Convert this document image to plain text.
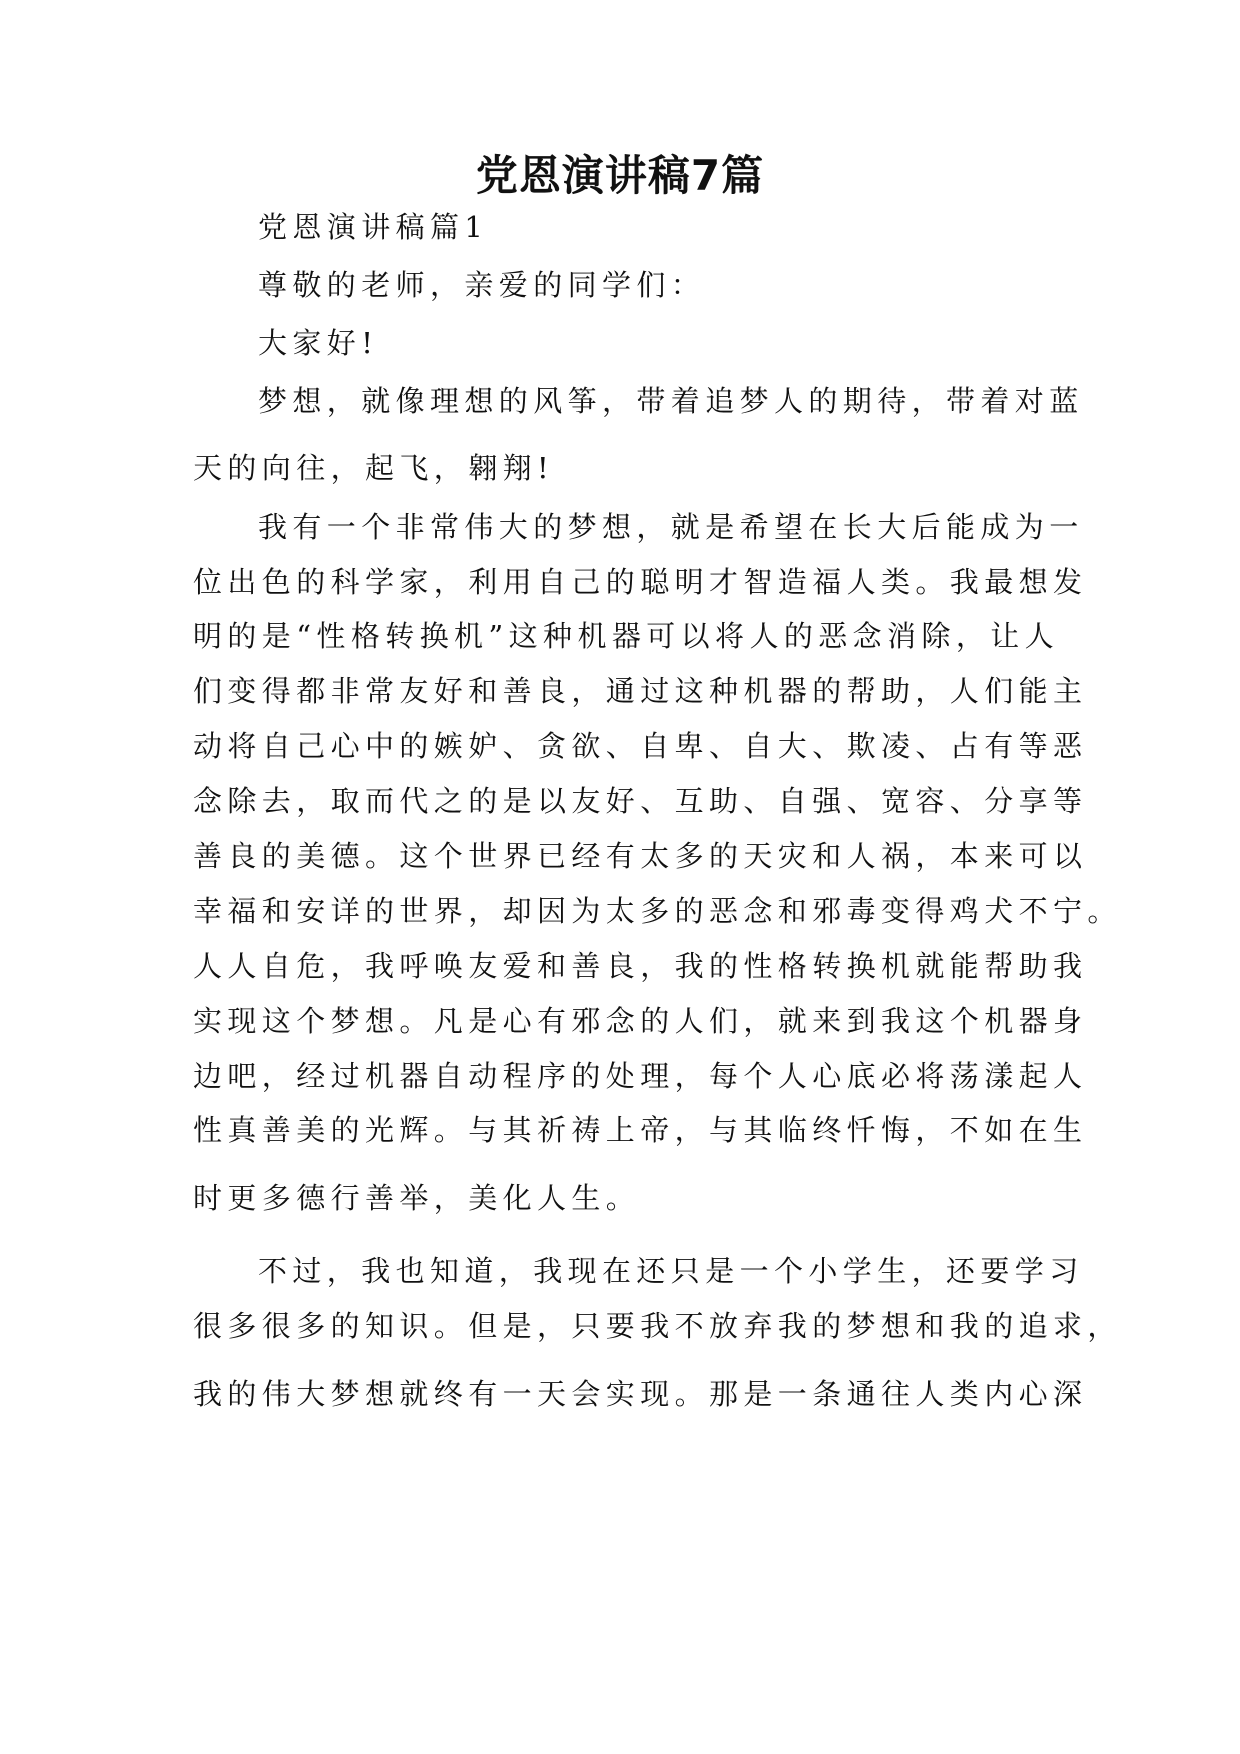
党恩演讲稿7篇

党恩演讲稿篇1

尊敬的老师，亲爱的同学们：

大家好!

梦想，就像理想的风筝，带着追梦人的期待，带着对蓝

天的向往，起飞，翱翔!

我有一个非常伟大的梦想，就是希望在长大后能成为一

位出色的科学家，利用自己的聪明才智造福人类。我最想发

明的是“性格转换机”这种机器可以将人的恶念消除，让人

们变得都非常友好和善良，通过这种机器的帮助，人们能主

动将自己心中的嫉妒、贪欲、自卑、自大、欺凌、占有等恶

念除去，取而代之的是以友好、互助、自强、宽容、分享等

善良的美德。这个世界已经有太多的天灾和人祸，本来可以

幸福和安详的世界，却因为太多的恶念和邪毒变得鸡犬不宁。

人人自危，我呼唤友爱和善良，我的性格转换机就能帮助我

实现这个梦想。凡是心有邪念的人们，就来到我这个机器身

边吧，经过机器自动程序的处理，每个人心底必将荡漾起人

性真善美的光辉。与其祈祷上帝，与其临终忏悔，不如在生

时更多德行善举，美化人生。

不过，我也知道，我现在还只是一个小学生，还要学习

很多很多的知识。但是，只要我不放弃我的梦想和我的追求，

我的伟大梦想就终有一天会实现。那是一条通往人类内心深
